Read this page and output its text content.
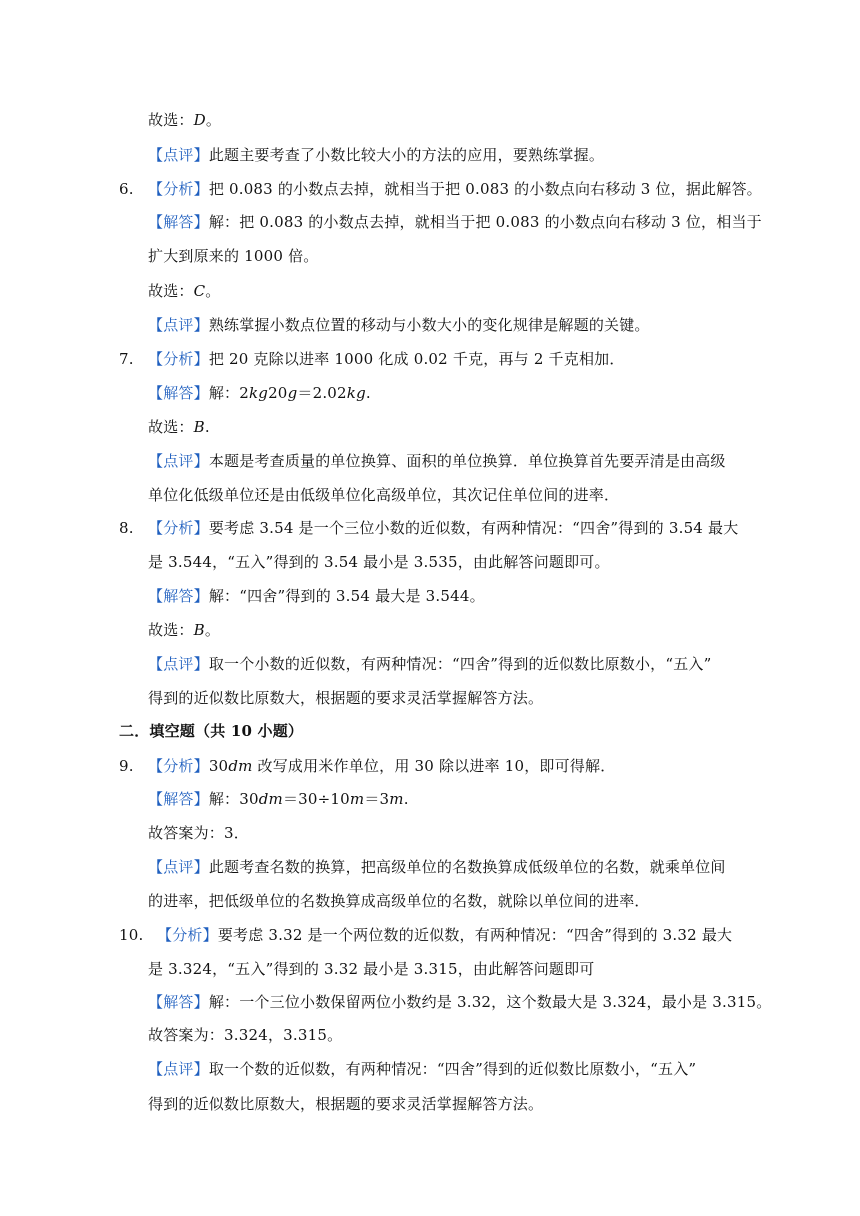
故选：D。
【点评】此题主要考查了小数比较大小的方法的应用，要熟练掌握。
6. 【分析】把 0.083 的小数点去掉，就相当于把 0.083 的小数点向右移动 3 位，据此解答。
【解答】解：把 0.083 的小数点去掉，就相当于把 0.083 的小数点向右移动 3 位，相当于
扩大到原来的 1000 倍。
故选：C。
【点评】熟练掌握小数点位置的移动与小数大小的变化规律是解题的关键。
7. 【分析】把 20 克除以进率 1000 化成 0.02 千克，再与 2 千克相加．
【解答】解：2kg20g＝2.02kg.
故选：B.
【点评】本题是考查质量的单位换算、面积的单位换算．单位换算首先要弄清是由高级
单位化低级单位还是由低级单位化高级单位，其次记住单位间的进率．
8. 【分析】要考虑 3.54 是一个三位小数的近似数，有两种情况：“四舍”得到的 3.54 最大
是 3.544，“五入”得到的 3.54 最小是 3.535，由此解答问题即可。
【解答】解：“四舍”得到的 3.54 最大是 3.544。
故选：B。
【点评】取一个小数的近似数，有两种情况：“四舍”得到的近似数比原数小，“五入”
得到的近似数比原数大，根据题的要求灵活掌握解答方法。
二．填空题（共 10 小题）
9. 【分析】30dm 改写成用米作单位，用 30 除以进率 10，即可得解．
【解答】解：30dm＝30÷10m＝3m.
故答案为：3．
【点评】此题考查名数的换算，把高级单位的名数换算成低级单位的名数，就乘单位间
的进率，把低级单位的名数换算成高级单位的名数，就除以单位间的进率．
10. 【分析】要考虑 3.32 是一个两位数的近似数，有两种情况：“四舍”得到的 3.32 最大
是 3.324，“五入”得到的 3.32 最小是 3.315，由此解答问题即可
【解答】解：一个三位小数保留两位小数约是 3.32，这个数最大是 3.324，最小是 3.315。
故答案为：3.324，3.315。
【点评】取一个数的近似数，有两种情况：“四舍”得到的近似数比原数小，“五入”
得到的近似数比原数大，根据题的要求灵活掌握解答方法。
